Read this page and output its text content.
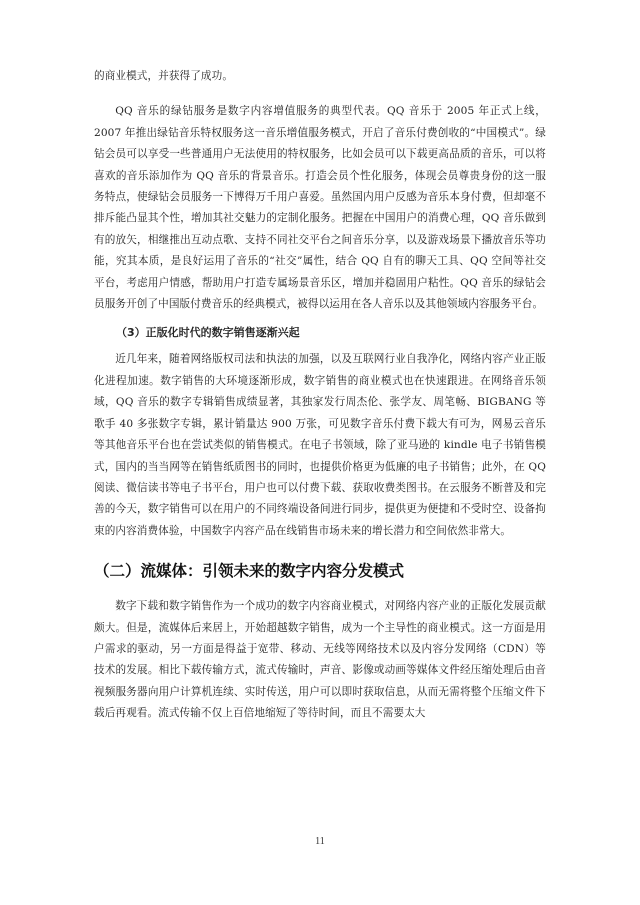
的商业模式，并获得了成功。

QQ 音乐的绿钻服务是数字内容增值服务的典型代表。QQ 音乐于 2005 年正式上线，2007 年推出绿钻音乐特权服务这一音乐增值服务模式，开启了音乐付费创收的“中国模式”。绿钻会员可以享受一些普通用户无法使用的特权服务，比如会员可以下载更高品质的音乐，可以将喜欢的音乐添加作为 QQ 音乐的背景音乐。打造会员个性化服务，体现会员尊贵身份的这一服务特点，使绿钻会员服务一下博得万千用户喜爱。虽然国内用户反感为音乐本身付费，但却毫不排斥能凸显其个性，增加其社交魅力的定制化服务。把握在中国用户的消费心理，QQ 音乐做到有的放矢，相继推出互动点歌、支持不同社交平台之间音乐分享，以及游戏场景下播放音乐等功能，究其本质，是良好运用了音乐的“社交”属性，结合 QQ 自有的聊天工具、QQ 空间等社交平台，考虑用户情感，帮助用户打造专属场景音乐区，增加并稳固用户粘性。QQ 音乐的绿钻会员服务开创了中国版付费音乐的经典模式，被得以运用在各人音乐以及其他领域内容服务平台。

（3）正版化时代的数字销售逐渐兴起

近几年来，随着网络版权司法和执法的加强，以及互联网行业自我净化，网络内容产业正版化进程加速。数字销售的大环境逐渐形成，数字销售的商业模式也在快速跟进。在网络音乐领域，QQ 音乐的数字专辑销售成绩显著，其独家发行周杰伦、张学友、周笔畅、BIGBANG 等歌手 40 多张数字专辑，累计销量达 900 万张，可见数字音乐付费下载大有可为，网易云音乐等其他音乐平台也在尝试类似的销售模式。在电子书领域，除了亚马逊的 kindle 电子书销售模式，国内的当当网等在销售纸质图书的同时，也提供价格更为低廉的电子书销售；此外，在 QQ 阅读、微信读书等电子书平台，用户也可以付费下载、获取收费类图书。在云服务不断普及和完善的今天，数字销售可以在用户的不同终端设备间进行同步，提供更为便捷和不受时空、设备拘束的内容消费体验，中国数字内容产品在线销售市场未来的增长潜力和空间依然非常大。

（二）流媒体：引领未来的数字内容分发模式

数字下载和数字销售作为一个成功的数字内容商业模式，对网络内容产业的正版化发展贡献颇大。但是，流媒体后来居上，开始超越数字销售，成为一个主导性的商业模式。这一方面是用户需求的驱动，另一方面是得益于宽带、移动、无线等网络技术以及内容分发网络（CDN）等技术的发展。相比下载传输方式，流式传输时，声音、影像或动画等媒体文件经压缩处理后由音视频服务器向用户计算机连续、实时传送，用户可以即时获取信息，从而无需将整个压缩文件下载后再观看。流式传输不仅上百倍地缩短了等待时间，而且不需要太大

11
